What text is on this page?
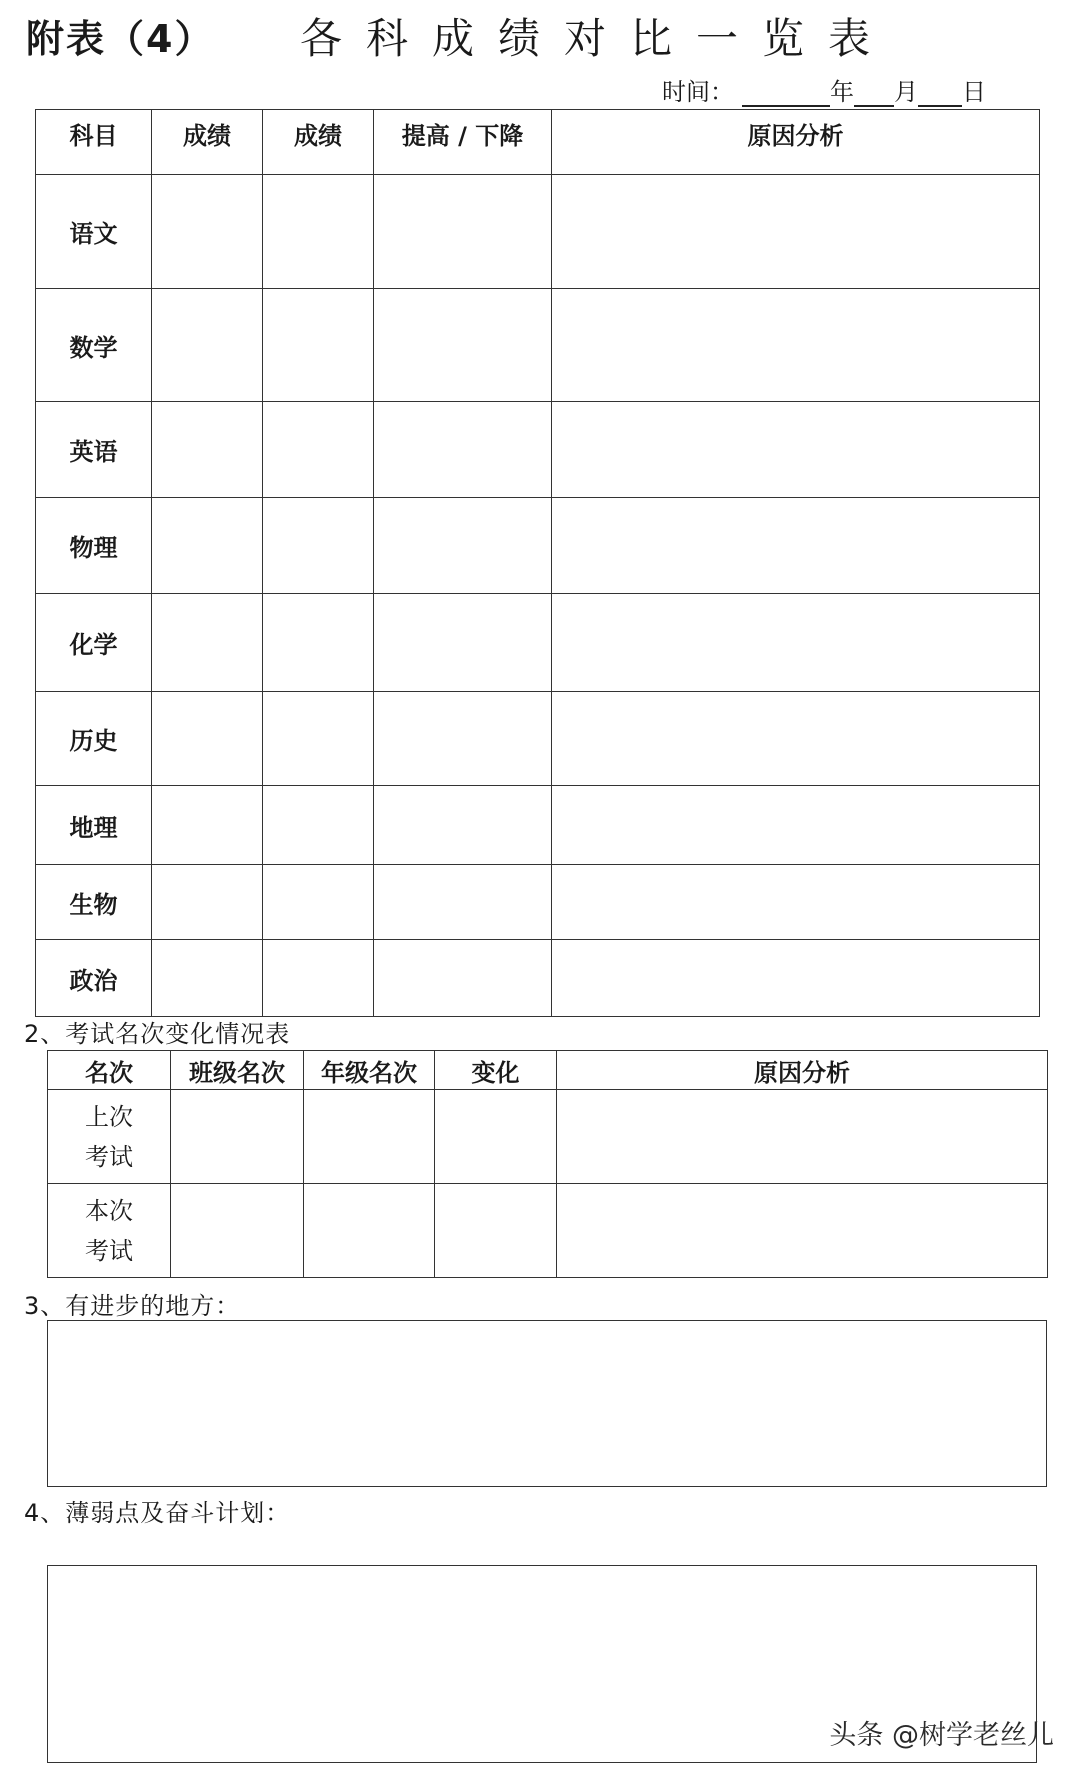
附表（4） 各科成绩对比一览表
时间：	年 月 日
科目	成绩	成绩	提高 / 下降	原因分析
语文				
数学				
英语				
物理				
化学				
历史				
地理				
生物				
政治				
2、考试名次变化情况表
名次	班级名次	年级名次	变化	原因分析

上次
考试				

本次
考试				

3、有进步的地方：
4、薄弱点及奋斗计划：
头条 @树学老丝儿
